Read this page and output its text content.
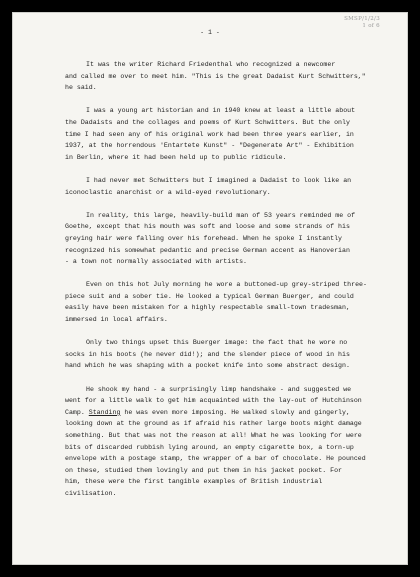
SMSP/1/2/3
1 of 6
- 1 -
It was the writer Richard Friedenthal who recognized a newcomer
and called me over to meet him. "This is the great Dadaist Kurt Schwitters,"
he said.
I was a young art historian and in 1940 knew at least a little about
the Dadaists and the collages and poems of Kurt Schwitters. But the only
time I had seen any of his original work had been three years earlier, in
1937, at the horrendous 'Entartete Kunst" - "Degenerate Art" - Exhibition
in Berlin, where it had been held up to public ridicule.
I had never met Schwitters but I imagined a Dadaist to look like an
iconoclastic anarchist or a wild-eyed revolutionary.
In reality, this large, heavily-build man of 53 years reminded me of
Goethe, except that his mouth was soft and loose and some strands of his
greying hair were falling over his forehead. When he spoke I instantly
recognized his somewhat pedantic and precise German accent as Hanoverian
- a town not normally associated with artists.
Even on this hot July morning he wore a buttoned-up grey-striped three-
piece suit and a sober tie. He looked a typical German Buerger, and could
easily have been mistaken for a highly respectable small-town tradesman,
immersed in local affairs.
Only two things upset this Buerger image: the fact that he wore no
socks in his boots (he never did!); and the slender piece of wood in his
hand which he was shaping with a pocket knife into some abstract design.
He shook my hand - a surprisingly limp handshake - and suggested we
went for a little walk to get him acquainted with the lay-out of Hutchinson
Camp. Standing he was even more imposing. He walked slowly and gingerly,
looking down at the ground as if afraid his rather large boots might damage
something. But that was not the reason at all! What he was looking for were
bits of discarded rubbish lying around, an empty cigarette box, a torn-up
envelope with a postage stamp, the wrapper of a bar of chocolate. He pounced
on these, studied them lovingly and put them in his jacket pocket. For
him, these were the first tangible examples of British industrial
civilisation.
